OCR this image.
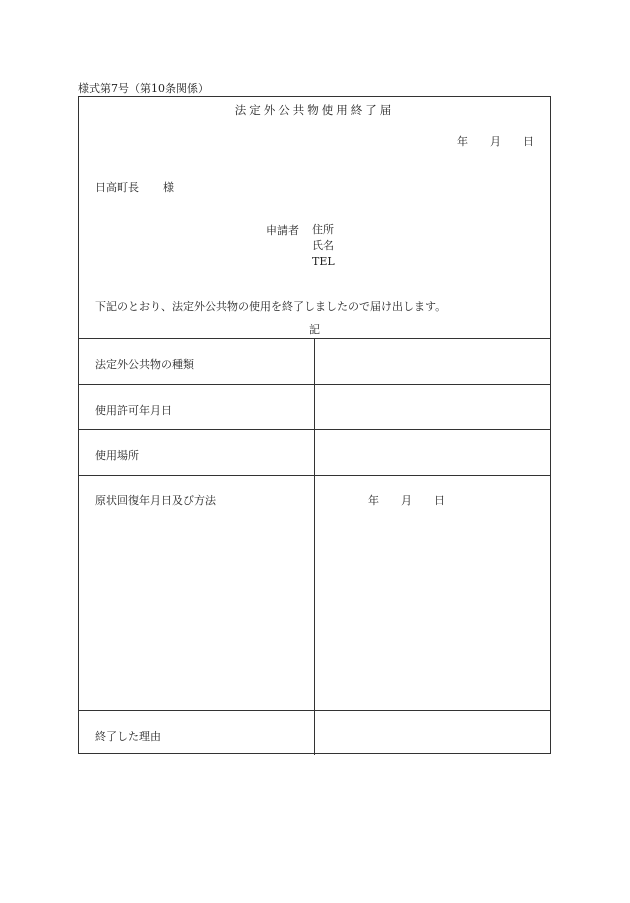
様式第7号（第10条関係）
法定外公共物使用終了届
年 月 日
日高町長 様
申請者 住所
氏名
TEL
下記のとおり、法定外公共物の使用を終了しましたので届け出します。
記
法定外公共物の種類
使用許可年月日
使用場所
原状回復年月日及び方法	年 月 日
終了した理由
